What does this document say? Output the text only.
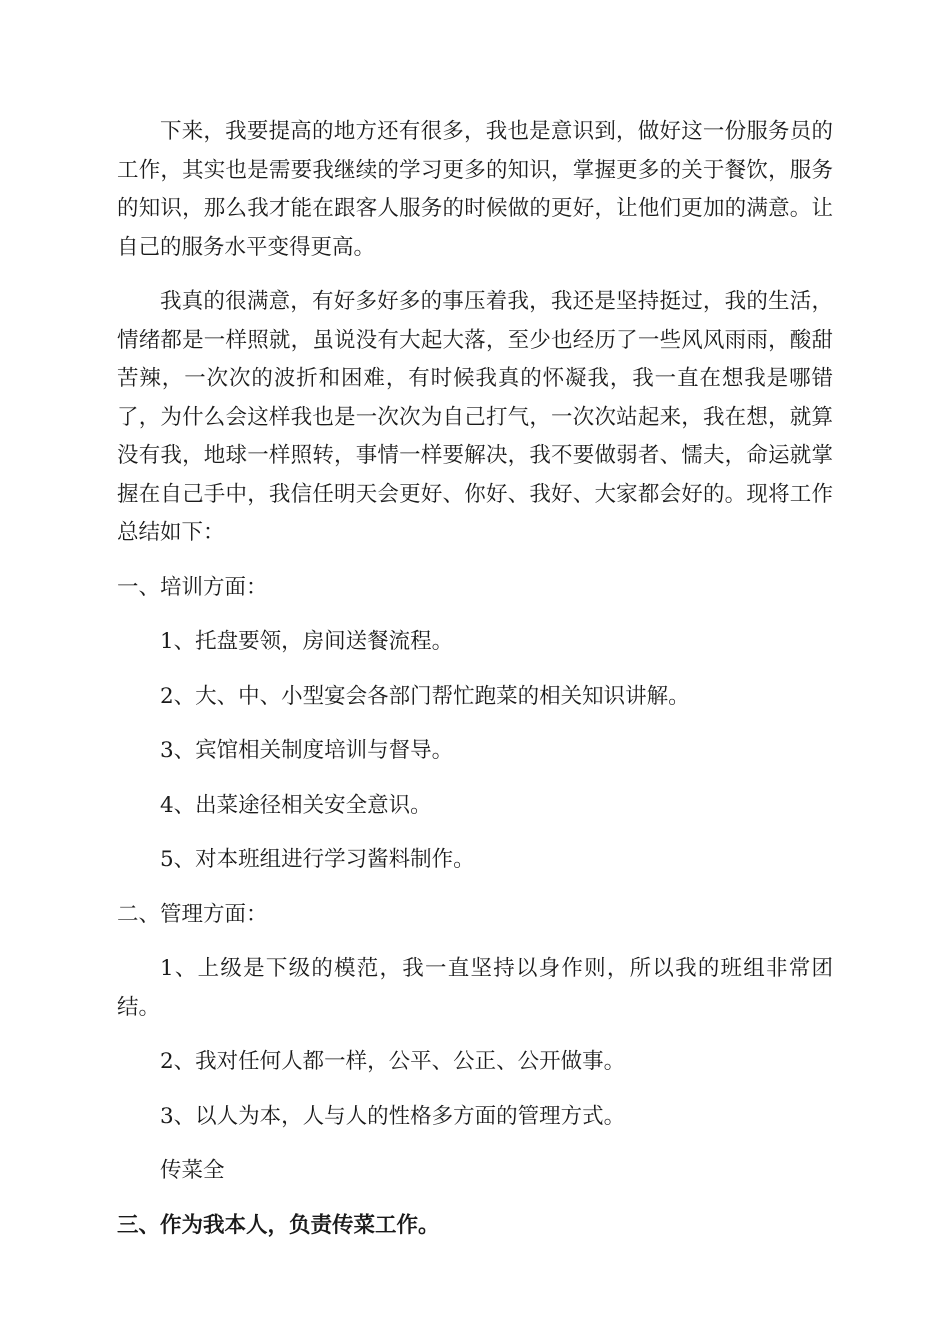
下来，我要提高的地方还有很多，我也是意识到，做好这一份服务员的工作，其实也是需要我继续的学习更多的知识，掌握更多的关于餐饮，服务的知识，那么我才能在跟客人服务的时候做的更好，让他们更加的满意。让自己的服务水平变得更高。

我真的很满意，有好多好多的事压着我，我还是坚持挺过，我的生活，情绪都是一样照就，虽说没有大起大落，至少也经历了一些风风雨雨，酸甜苦辣，一次次的波折和困难，有时候我真的怀凝我，我一直在想我是哪错了，为什么会这样我也是一次次为自己打气，一次次站起来，我在想，就算没有我，地球一样照转，事情一样要解决，我不要做弱者、懦夫，命运就掌握在自己手中，我信任明天会更好、你好、我好、大家都会好的。现将工作总结如下：

一、培训方面：

1、托盘要领，房间送餐流程。

2、大、中、小型宴会各部门帮忙跑菜的相关知识讲解。

3、宾馆相关制度培训与督导。

4、出菜途径相关安全意识。

5、对本班组进行学习酱料制作。

二、管理方面：

1、上级是下级的模范，我一直坚持以身作则，所以我的班组非常团结。

2、我对任何人都一样，公平、公正、公开做事。

3、以人为本，人与人的性格多方面的管理方式。

传菜全

三、作为我本人，负责传菜工作。
